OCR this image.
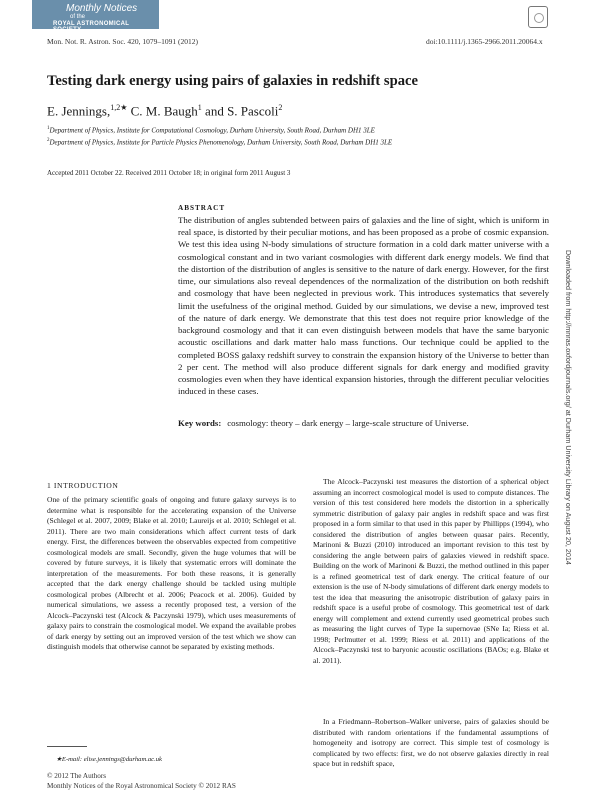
Monthly Notices
of the
ROYAL ASTRONOMICAL SOCIETY
Mon. Not. R. Astron. Soc. 420, 1079–1091 (2012)	doi:10.1111/j.1365-2966.2011.20064.x
Testing dark energy using pairs of galaxies in redshift space
E. Jennings,$^{1,2★}$ C. M. Baugh$^1$ and S. Pascoli$^2$
$^1$Department of Physics, Institute for Computational Cosmology, Durham University, South Road, Durham DH1 3LE
$^2$Department of Physics, Institute for Particle Physics Phenomenology, Durham University, South Road, Durham DH1 3LE
Accepted 2011 October 22. Received 2011 October 18; in original form 2011 August 3
ABSTRACT
The distribution of angles subtended between pairs of galaxies and the line of sight, which is uniform in real space, is distorted by their peculiar motions, and has been proposed as a probe of cosmic expansion. We test this idea using N-body simulations of structure formation in a cold dark matter universe with a cosmological constant and in two variant cosmologies with different dark energy models. We find that the distortion of the distribution of angles is sensitive to the nature of dark energy. However, for the first time, our simulations also reveal dependences of the normalization of the distribution on both redshift and cosmology that have been neglected in previous work. This introduces systematics that severely limit the usefulness of the original method. Guided by our simulations, we devise a new, improved test of the nature of dark energy. We demonstrate that this test does not require prior knowledge of the background cosmology and that it can even distinguish between models that have the same baryonic acoustic oscillations and dark matter halo mass functions. Our technique could be applied to the completed BOSS galaxy redshift survey to constrain the expansion history of the Universe to better than 2 per cent. The method will also produce different signals for dark energy and modified gravity cosmologies even when they have identical expansion histories, through the different peculiar velocities induced in these cases.
Key words: cosmology: theory – dark energy – large-scale structure of Universe.
1 INTRODUCTION
One of the primary scientific goals of ongoing and future galaxy surveys is to determine what is responsible for the accelerating expansion of the Universe (Schlegel et al. 2007, 2009; Blake et al. 2010; Laureijs et al. 2010; Schlegel et al. 2011). There are two main considerations which affect current tests of dark energy. First, the differences between the observables expected from competitive cosmological models are small. Secondly, given the huge volumes that will be covered by future surveys, it is likely that systematic errors will dominate the interpretation of the measurements. For both these reasons, it is generally accepted that the dark energy challenge should be tackled using multiple cosmological probes (Albrecht et al. 2006; Peacock et al. 2006). Guided by numerical simulations, we assess a recently proposed test, a version of the Alcock–Paczynski test (Alcock & Paczynski 1979), which uses measurements of galaxy pairs to constrain the cosmological model. We expand the available probes of dark energy by setting out an improved version of the test which we show can distinguish models that otherwise cannot be separated by existing methods.
The Alcock–Paczynski test measures the distortion of a spherical object assuming an incorrect cosmological model is used to compute distances. The version of this test considered here models the distortion in a spherically symmetric distribution of galaxy pair angles in redshift space and was first proposed in a form similar to that used in this paper by Phillipps (1994), who considered the distribution of angles between quasar pairs. Recently, Marinoni & Buzzi (2010) introduced an important revision to this test by considering the angle between pairs of galaxies viewed in redshift space. Building on the work of Marinoni & Buzzi, the method outlined in this paper is a refined geometrical test of dark energy. The critical feature of our extension is the use of N-body simulations of different dark energy models to test the idea that measuring the anisotropic distribution of galaxy pairs in redshift space is a useful probe of cosmology. This geometrical test of dark energy will complement and extend currently used geometrical probes such as measuring the light curves of Type Ia supernovae (SNe Ia; Riess et al. 1998; Perlmutter et al. 1999; Riess et al. 2011) and applications of the Alcock–Paczynski test to baryonic acoustic oscillations (BAOs; e.g. Blake et al. 2011).
In a Friedmann–Robertson–Walker universe, pairs of galaxies should be distributed with random orientations if the fundamental assumptions of homogeneity and isotropy are correct. This simple test of cosmology is complicated by two effects: first, we do not observe galaxies directly in real space but in redshift space,
★E-mail: elise.jennings@durham.ac.uk
© 2012 The Authors
Monthly Notices of the Royal Astronomical Society © 2012 RAS
Downloaded from http://mnras.oxfordjournals.org/ at Durham University Library on August 20, 2014
